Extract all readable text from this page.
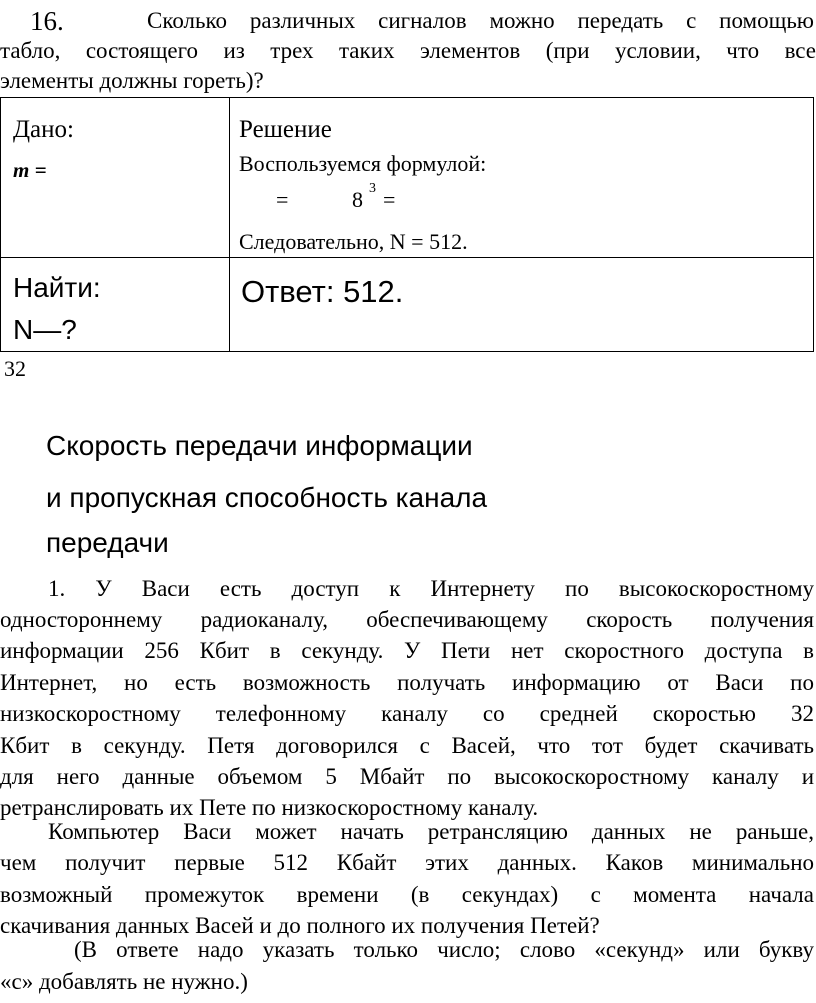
16.	Сколько различных сигналов можно передать с помощью
табло, состоящего из трех таких элементов (при условии, что все
элементы должны гореть)?
Дано:
m =
Решение
Воспользуемся формулой:
=	8 3 =
Следовательно, N = 512.
Найти:
N—?
Ответ: 512.
32
Скорость передачи информации
и пропускная способность канала
передачи
1. У Васи есть доступ к Интернету по высокоскоростному
одностороннему радиоканалу, обеспечивающему скорость получения
информации 256 Кбит в секунду. У Пети нет скоростного доступа в
Интернет, но есть возможность получать информацию от Васи по
низкоскоростному телефонному каналу со средней скоростью 32
Кбит в секунду. Петя договорился с Васей, что тот будет скачивать
для него данные объемом 5 Мбайт по высокоскоростному каналу и
ретранслировать их Пете по низкоскоростному каналу.
Компьютер Васи может начать ретрансляцию данных не раньше,
чем получит первые 512 Кбайт этих данных. Каков минимально
возможный промежуток времени (в секундах) с момента начала
скачивания данных Васей и до полного их получения Петей?
(В ответе надо указать только число; слово «секунд» или букву
«с» добавлять не нужно.)
